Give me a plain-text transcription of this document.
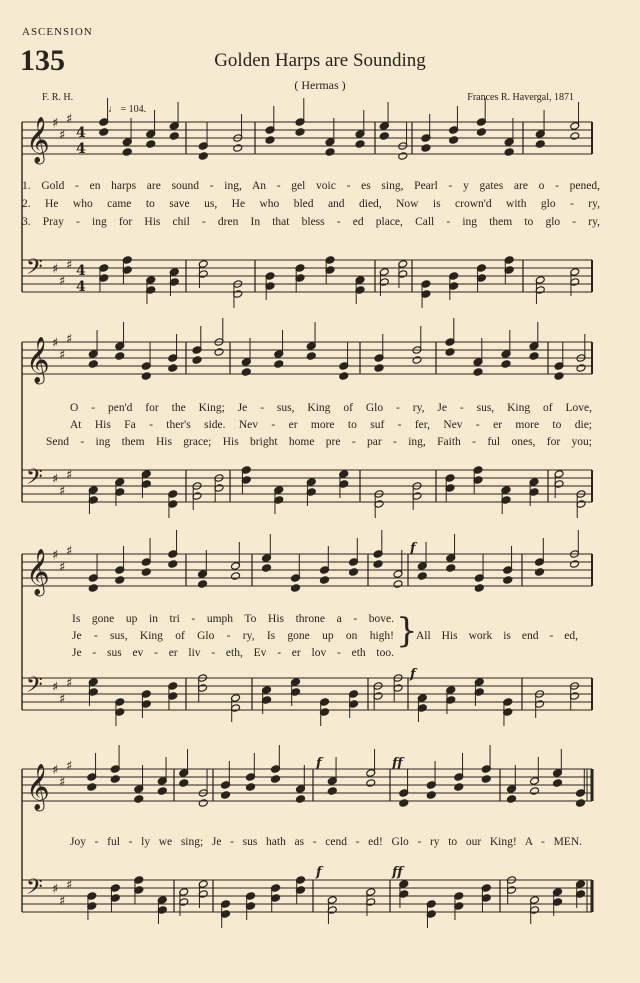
ASCENSION
135	Golden Harps are Sounding
( Hermas )
F. R. H.	Frances R. Havergal, 1871
♩ = 104.
𝄞 ♯
♯
♯
4
4
𝄢 ♯
♯
♯ 4
4
𝄞 ♯
♯
♯
𝄢 ♯
♯
♯
𝄞 ♯
♯
♯
𝄢 ♯
♯
♯
𝄞 ♯
♯
♯
𝄢 ♯
♯
♯
f
f
f	ff
f	ff
1. Gold - en harps are sound - ing, An - gel voic - es sing, Pearl - y gates are o - pened,
2. He who came to save us, He who bled and died, Now is crown'd with glo - ry,
3. Pray - ing for His chil - dren In that bless - ed place, Call - ing them to glo - ry,
O - pen'd for the King; Je - sus, King of Glo - ry, Je - sus, King of Love,
At His Fa - ther's side. Nev - er more to suf - fer, Nev - er more to die;
Send - ing them His grace; His bright home pre - par - ing, Faith - ful ones, for you;
Is gone up in tri - umph To His throne a - bove.
Je - sus, King of Glo - ry, Is gone up on high!
Je - sus ev - er liv - eth, Ev - er lov - eth too.
}
All His work is end - ed,
Joy - ful - ly we sing; Je - sus hath as - cend - ed! Glo - ry to our King! A - MEN.
